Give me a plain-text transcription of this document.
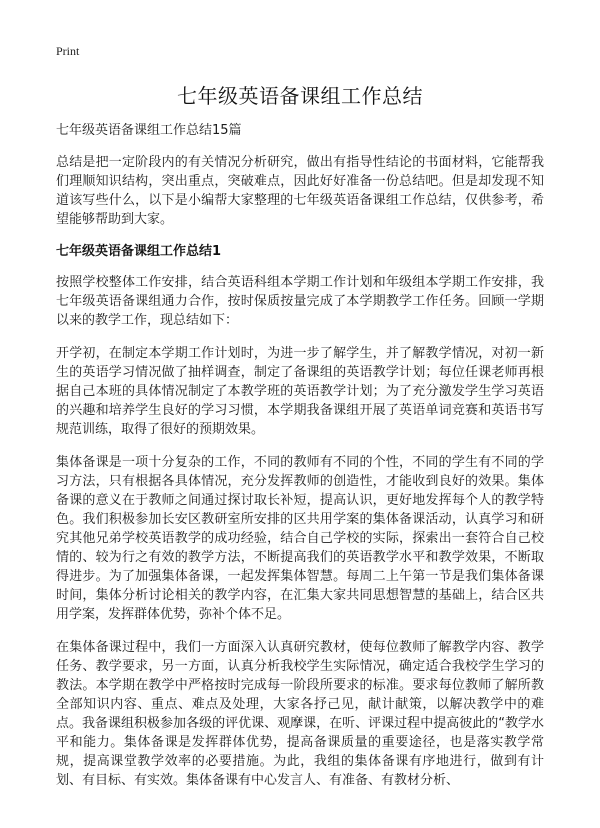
Print
七年级英语备课组工作总结

七年级英语备课组工作总结15篇

总结是把一定阶段内的有关情况分析研究，做出有指导性结论的书面材料，它能帮我们理顺知识结构，突出重点，突破难点，因此好好准备一份总结吧。但是却发现不知道该写些什么，以下是小编帮大家整理的七年级英语备课组工作总结，仅供参考，希望能够帮助到大家。

七年级英语备课组工作总结1

按照学校整体工作安排，结合英语科组本学期工作计划和年级组本学期工作安排，我七年级英语备课组通力合作，按时保质按量完成了本学期教学工作任务。回顾一学期以来的教学工作，现总结如下：

开学初，在制定本学期工作计划时，为进一步了解学生，并了解教学情况，对初一新生的英语学习情况做了抽样调查，制定了备课组的英语教学计划；每位任课老师再根据自己本班的具体情况制定了本教学班的英语教学计划；为了充分激发学生学习英语的兴趣和培养学生良好的学习习惯，本学期我备课组开展了英语单词竞赛和英语书写规范训练，取得了很好的预期效果。

集体备课是一项十分复杂的工作，不同的教师有不同的个性，不同的学生有不同的学习方法，只有根据各具体情况，充分发挥教师的创造性，才能收到良好的效果。集体备课的意义在于教师之间通过探讨取长补短，提高认识，更好地发挥每个人的教学特色。我们积极参加长安区教研室所安排的区共用学案的集体备课活动，认真学习和研究其他兄弟学校英语教学的成功经验，结合自己学校的实际，探索出一套符合自己校情的、较为行之有效的教学方法，不断提高我们的英语教学水平和教学效果，不断取得进步。为了加强集体备课，一起发挥集体智慧。每周二上午第一节是我们集体备课时间，集体分析讨论相关的教学内容，在汇集大家共同思想智慧的基础上，结合区共用学案，发挥群体优势，弥补个体不足。

在集体备课过程中，我们一方面深入认真研究教材，使每位教师了解教学内容、教学任务、教学要求，另一方面，认真分析我校学生实际情况，确定适合我校学生学习的教法。本学期在教学中严格按时完成每一阶段所要求的标准。要求每位教师了解所教全部知识内容、重点、难点及处理，大家各抒己见，献计献策，以解决教学中的难点。我备课组积极参加各级的评优课、观摩课，在听、评课过程中提高彼此的“教学水平和能力。集体备课是发挥群体优势，提高备课质量的重要途径，也是落实教学常规，提高课堂教学效率的必要措施。为此，我组的集体备课有序地进行，做到有计划、有目标、有实效。集体备课有中心发言人、有准备、有教材分析、
